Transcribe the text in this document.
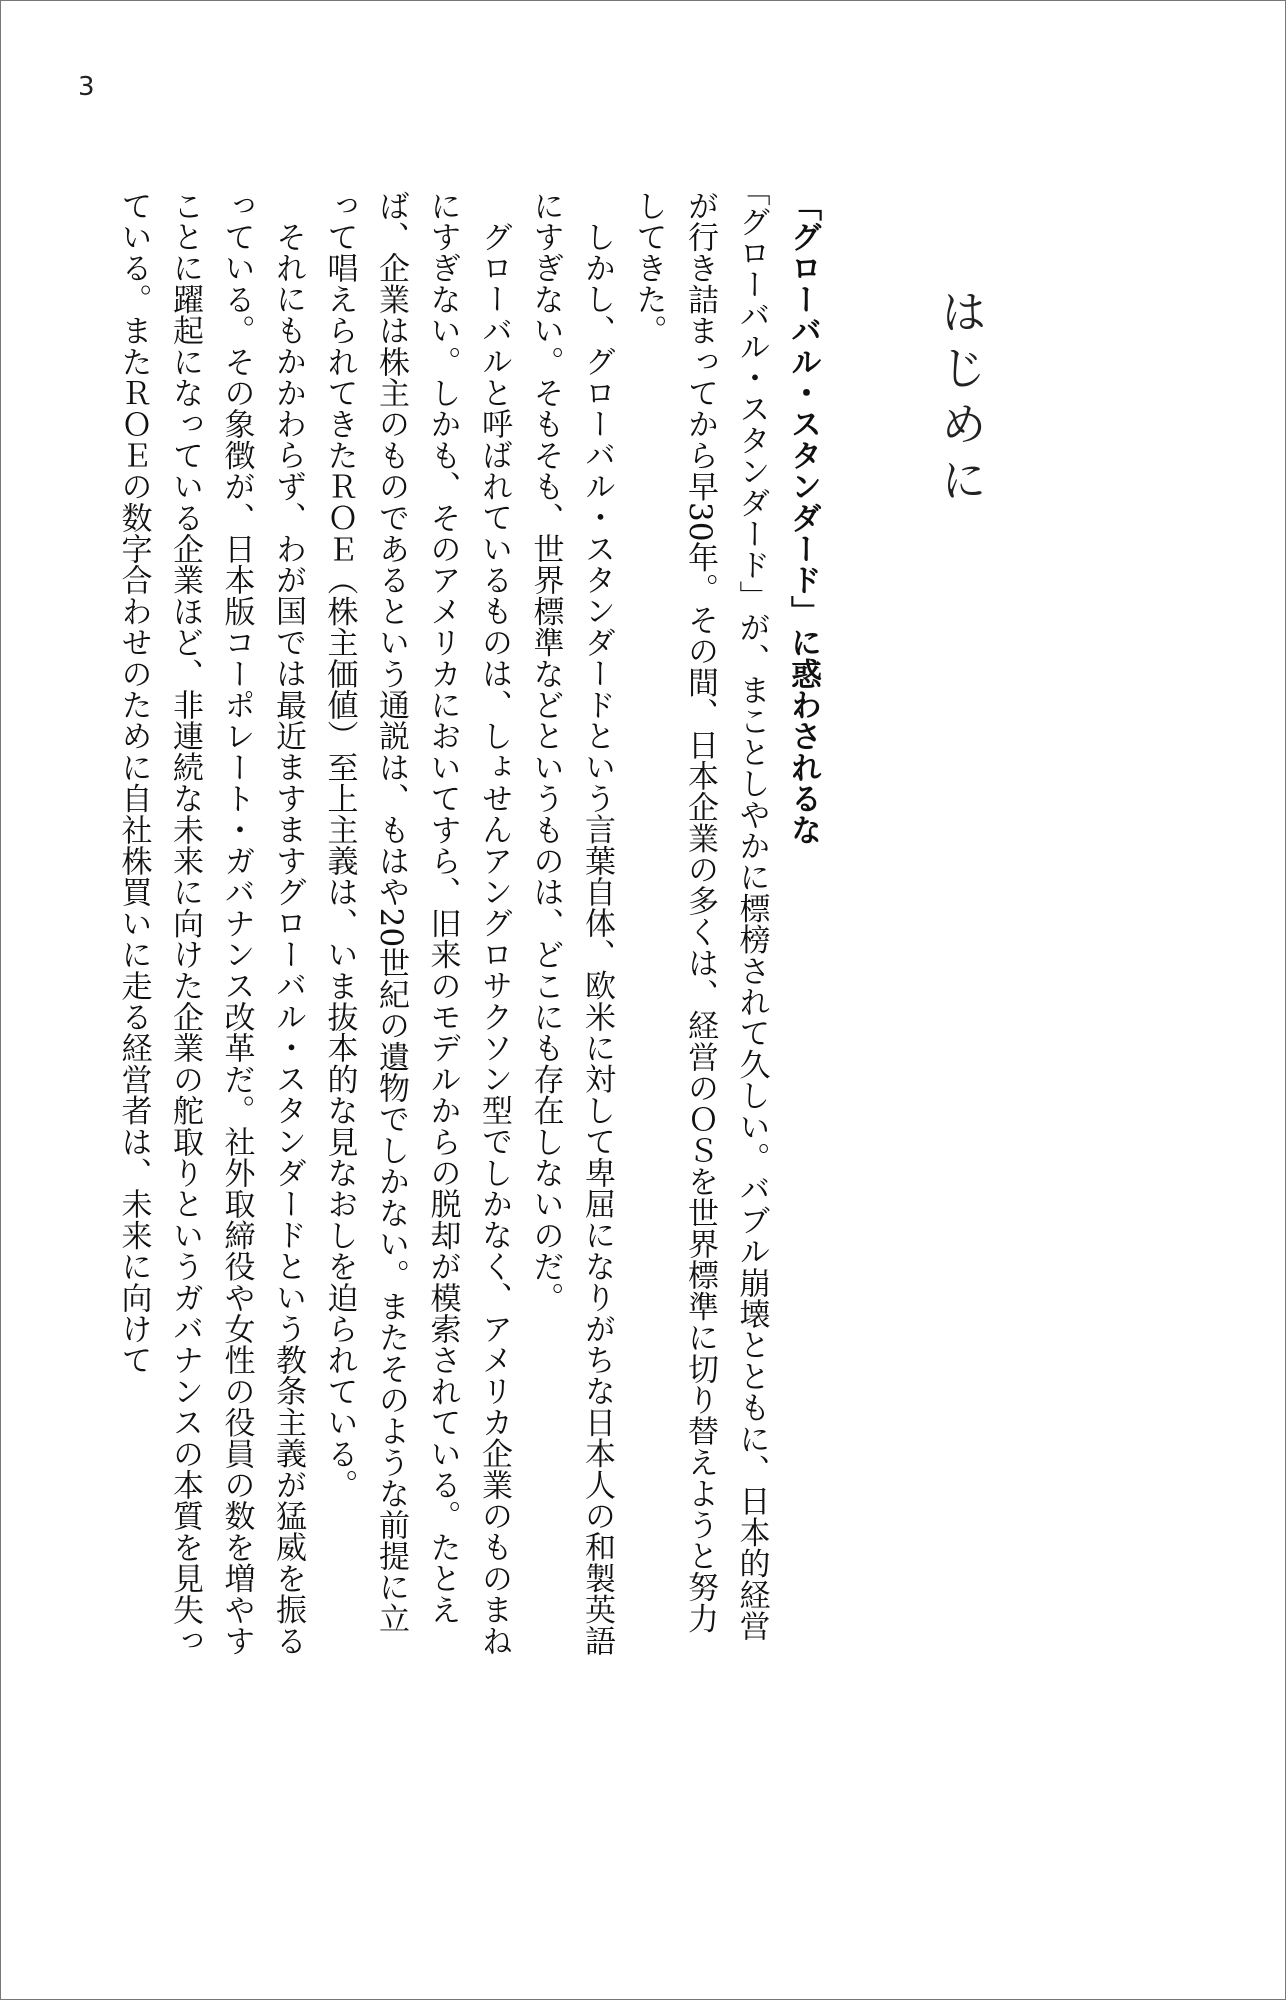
3
はじめに

「グローバル・スタンダード」に惑わされるな

「グローバル・スタンダード」が、まことしやかに標榜されて久しい。バブル崩壊とともに、日本的経営が行き詰まってから早30年。その間、日本企業の多くは、経営のＯＳを世界標準に切り替えようと努力してきた。

しかし、グローバル・スタンダードという言葉自体、欧米に対して卑屈になりがちな日本人の和製英語にすぎない。そもそも、世界標準などというものは、どこにも存在しないのだ。

グローバルと呼ばれているものは、しょせんアングロサクソン型でしかなく、アメリカ企業のものまねにすぎない。しかも、そのアメリカにおいてすら、旧来のモデルからの脱却が模索されている。たとえば、企業は株主のものであるという通説は、もはや20世紀の遺物でしかない。またそのような前提に立って唱えられてきたＲＯＥ（株主価値）至上主義は、いま抜本的な見なおしを迫られている。

それにもかかわらず、わが国では最近ますますグローバル・スタンダードという教条主義が猛威を振るっている。その象徴が、日本版コーポレート・ガバナンス改革だ。社外取締役や女性の役員の数を増やすことに躍起になっている企業ほど、非連続な未来に向けた企業の舵取りというガバナンスの本質を見失っている。またＲＯＥの数字合わせのために自社株買いに走る経営者は、未来に向けて
